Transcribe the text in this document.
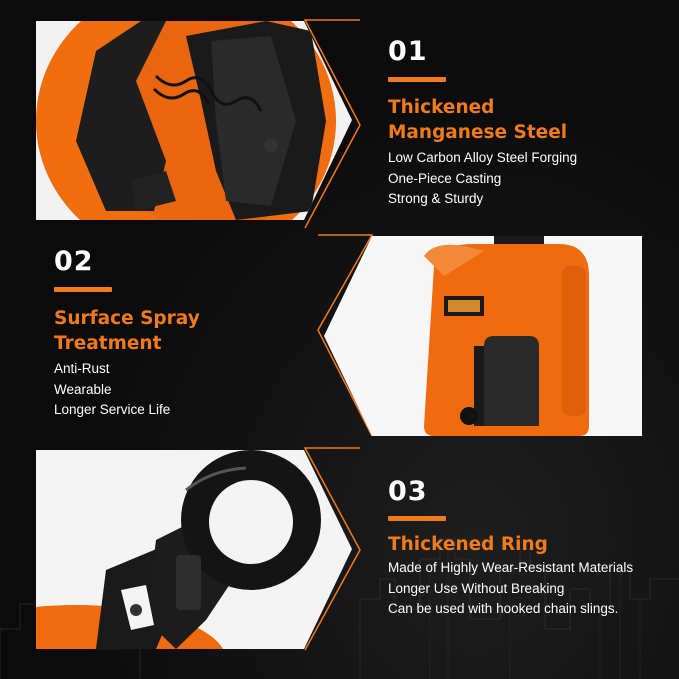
01
Thickened
Manganese Steel
Low Carbon Alloy Steel Forging
One-Piece Casting
Strong & Sturdy
02
Surface Spray
Treatment
Anti-Rust
Wearable
Longer Service Life
03
Thickened Ring
Made of Highly Wear-Resistant Materials
Longer Use Without Breaking
Can be used with hooked chain slings.
